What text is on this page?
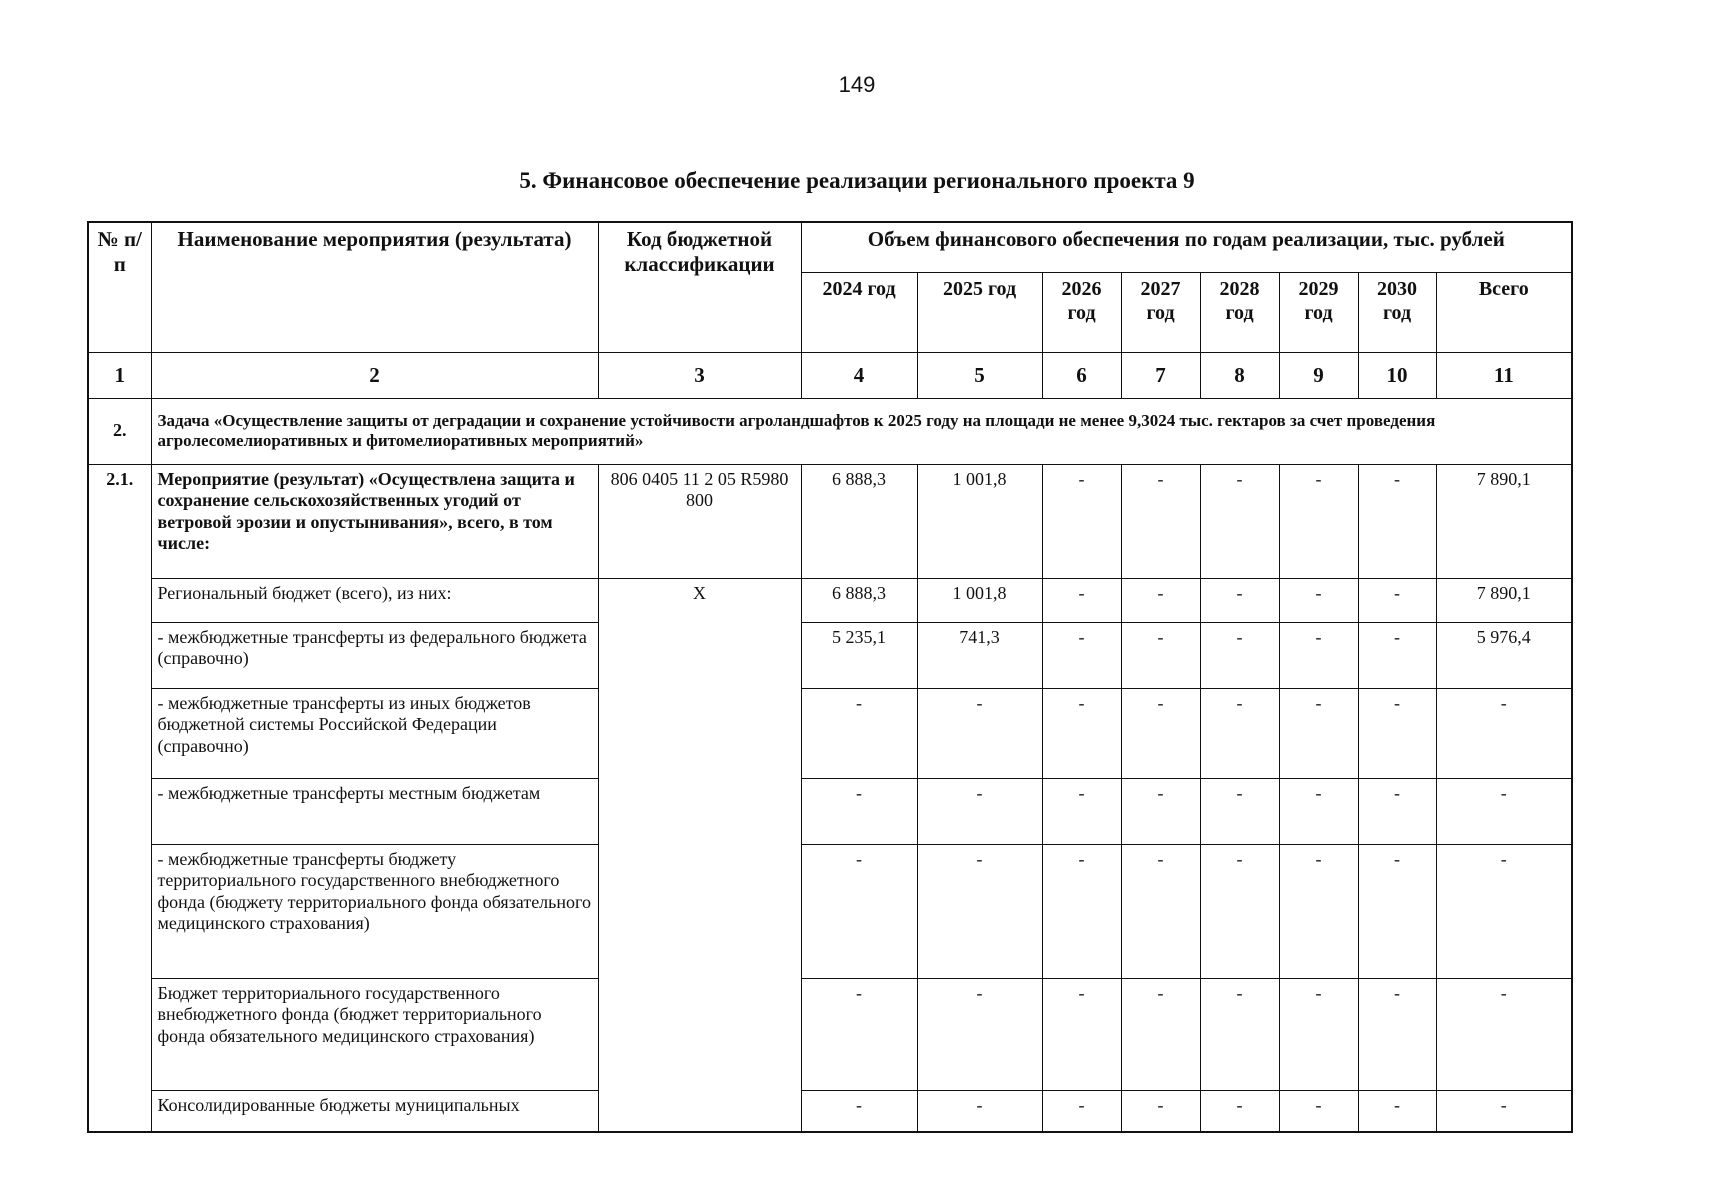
149
5. Финансовое обеспечение реализации регионального проекта 9
№ п/п	Наименование мероприятия (результата)	Код бюджетной классификации	Объем финансового обеспечения по годам реализации, тыс. рублей							
			2024 год	2025 год	2026 год	2027 год	2028 год	2029 год	2030 год	Всего
1	2	3	4	5	6	7	8	9	10	11
2.	Задача «Осуществление защиты от деградации и сохранение устойчивости агроландшафтов к 2025 году на площади не менее 9,3024 тыс. гектаров за счет проведения агролесомелиоративных и фитомелиоративных мероприятий»									
2.1.	Мероприятие (результат) «Осуществлена защита и сохранение сельскохозяйственных угодий от ветровой эрозии и опустынивания», всего, в том числе:	806 0405 11 2 05 R5980 800	6 888,3	1 001,8	-	-	-	-	-	7 890,1
	Региональный бюджет (всего), из них:	Х	6 888,3	1 001,8	-	-	-	-	-	7 890,1
	- межбюджетные трансферты из федерального бюджета (справочно)		5 235,1	741,3	-	-	-	-	-	5 976,4
	- межбюджетные трансферты из иных бюджетов бюджетной системы Российской Федерации (справочно)		-	-	-	-	-	-	-	-
	- межбюджетные трансферты местным бюджетам		-	-	-	-	-	-	-	-
	- межбюджетные трансферты бюджету территориального государственного внебюджетного фонда (бюджету территориального фонда обязательного медицинского страхования)		-	-	-	-	-	-	-	-
	Бюджет территориального государственного внебюджетного фонда (бюджет территориального фонда обязательного медицинского страхования)		-	-	-	-	-	-	-	-
	Консолидированные бюджеты муниципальных		-	-	-	-	-	-	-	-
